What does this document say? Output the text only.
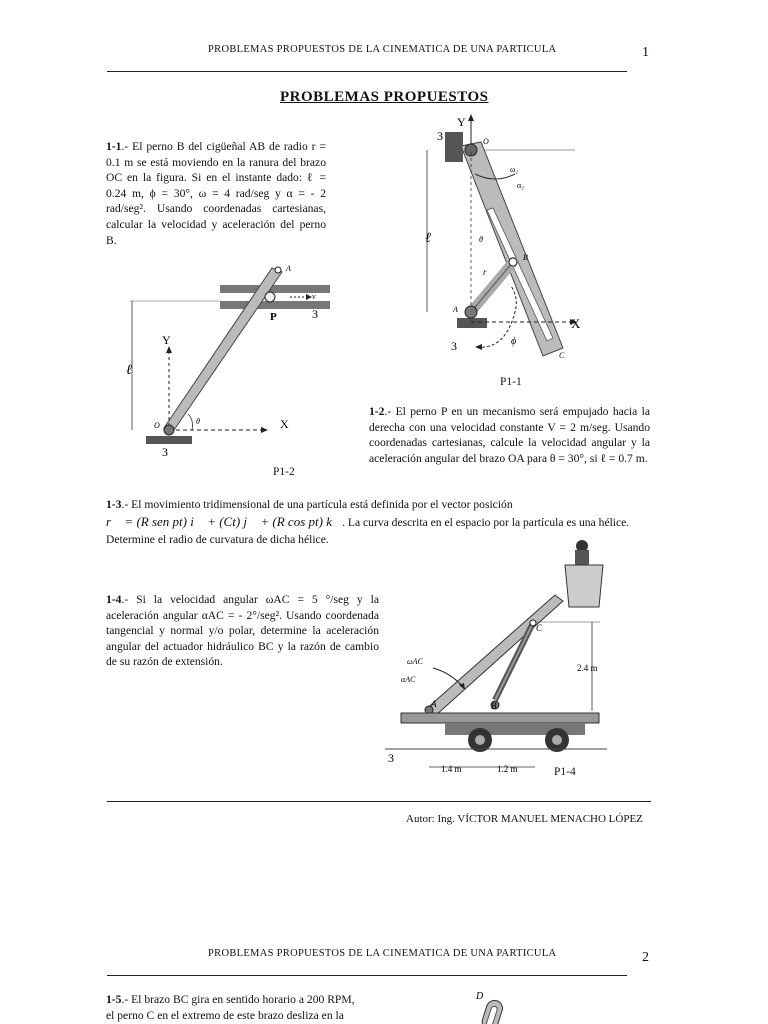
PROBLEMAS PROPUESTOS DE LA CINEMATICA DE UNA PARTICULA	1
PROBLEMAS PROPUESTOS
1-1.- El perno B del cigüeñal AB de radio r = 0.1 m se está moviendo en la ranura del brazo OC en la figura. Si en el instante dado: ℓ = 0.24 m, ϕ = 30°, ω = 4 rad/seg y α = - 2 rad/seg². Usando coordenadas cartesianas, calcular la velocidad y aceleración del perno B.
Y
3	O
C
ω₂
α₂
ℓ
B
r
θ
A
3
X
ϕ
P1-1
v
3
A
P
ℓ
Y
X
θ
O
3
P1-2
1-2.- El perno P en un mecanismo será empujado hacia la derecha con una velocidad constante V = 2 m/seg. Usando coordenadas cartesianas, calcule la velocidad angular y la aceleración angular del brazo OA para θ = 30°, si ℓ = 0.7 m.
1-3.- El movimiento tridimensional de una partícula está definida por el vector posición
r⃗ = (R sen pt) i⃗ + (Ct) j⃗ + (R cos pt) k⃗. La curva descrita en el espacio por la partícula es una hélice.
Determine el radio de curvatura de dicha hélice.
1-4.- Si la velocidad angular ωAC = 5 °/seg y la aceleración angular αAC = - 2°/seg². Usando coordenada tangencial y normal y/o polar, determine la aceleración angular del actuador hidráulico BC y la razón de cambio de su razón de extensión.
C
2.4 m
A	B
ωAC
αAC
3
1.4 m	1.2 m	P1-4
Autor: Ing. VÍCTOR MANUEL MENACHO LÓPEZ
PROBLEMAS PROPUESTOS DE LA CINEMATICA DE UNA PARTICULA	2
1-5.- El brazo BC gira en sentido horario a 200 RPM,
el perno C en el extremo de este brazo desliza en la
D
